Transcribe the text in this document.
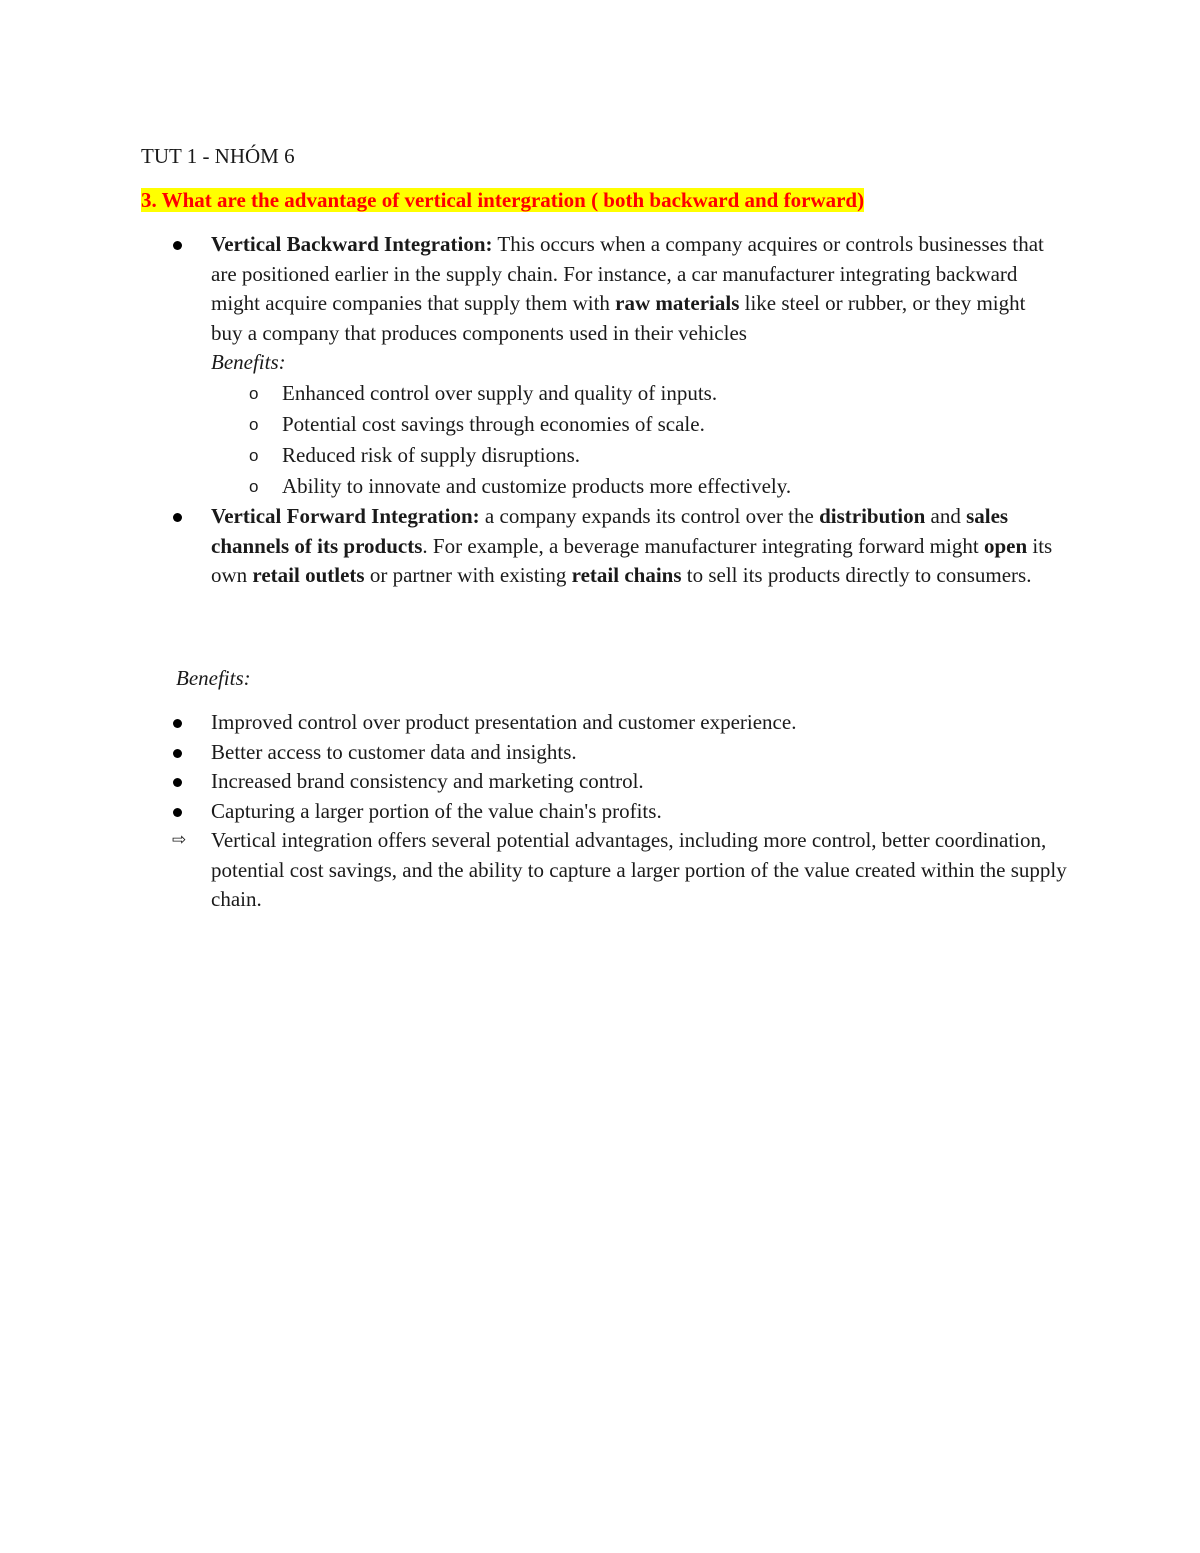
TUT 1 - NHÓM 6

3. What are the advantage of vertical intergration ( both backward and forward)

Vertical Backward Integration: This occurs when a company acquires or controls businesses that are positioned earlier in the supply chain. For instance, a car manufacturer integrating backward might acquire companies that supply them with raw materials like steel or rubber, or they might buy a company that produces components used in their vehicles

Benefits:

o Enhanced control over supply and quality of inputs.
o Potential cost savings through economies of scale.
o Reduced risk of supply disruptions.
o Ability to innovate and customize products more effectively.

Vertical Forward Integration: a company expands its control over the distribution and sales channels of its products. For example, a beverage manufacturer integrating forward might open its own retail outlets or partner with existing retail chains to sell its products directly to consumers.

Benefits:

Improved control over product presentation and customer experience.
Better access to customer data and insights.
Increased brand consistency and marketing control.
Capturing a larger portion of the value chain's profits.
⇨ Vertical integration offers several potential advantages, including more control, better coordination, potential cost savings, and the ability to capture a larger portion of the value created within the supply chain.
